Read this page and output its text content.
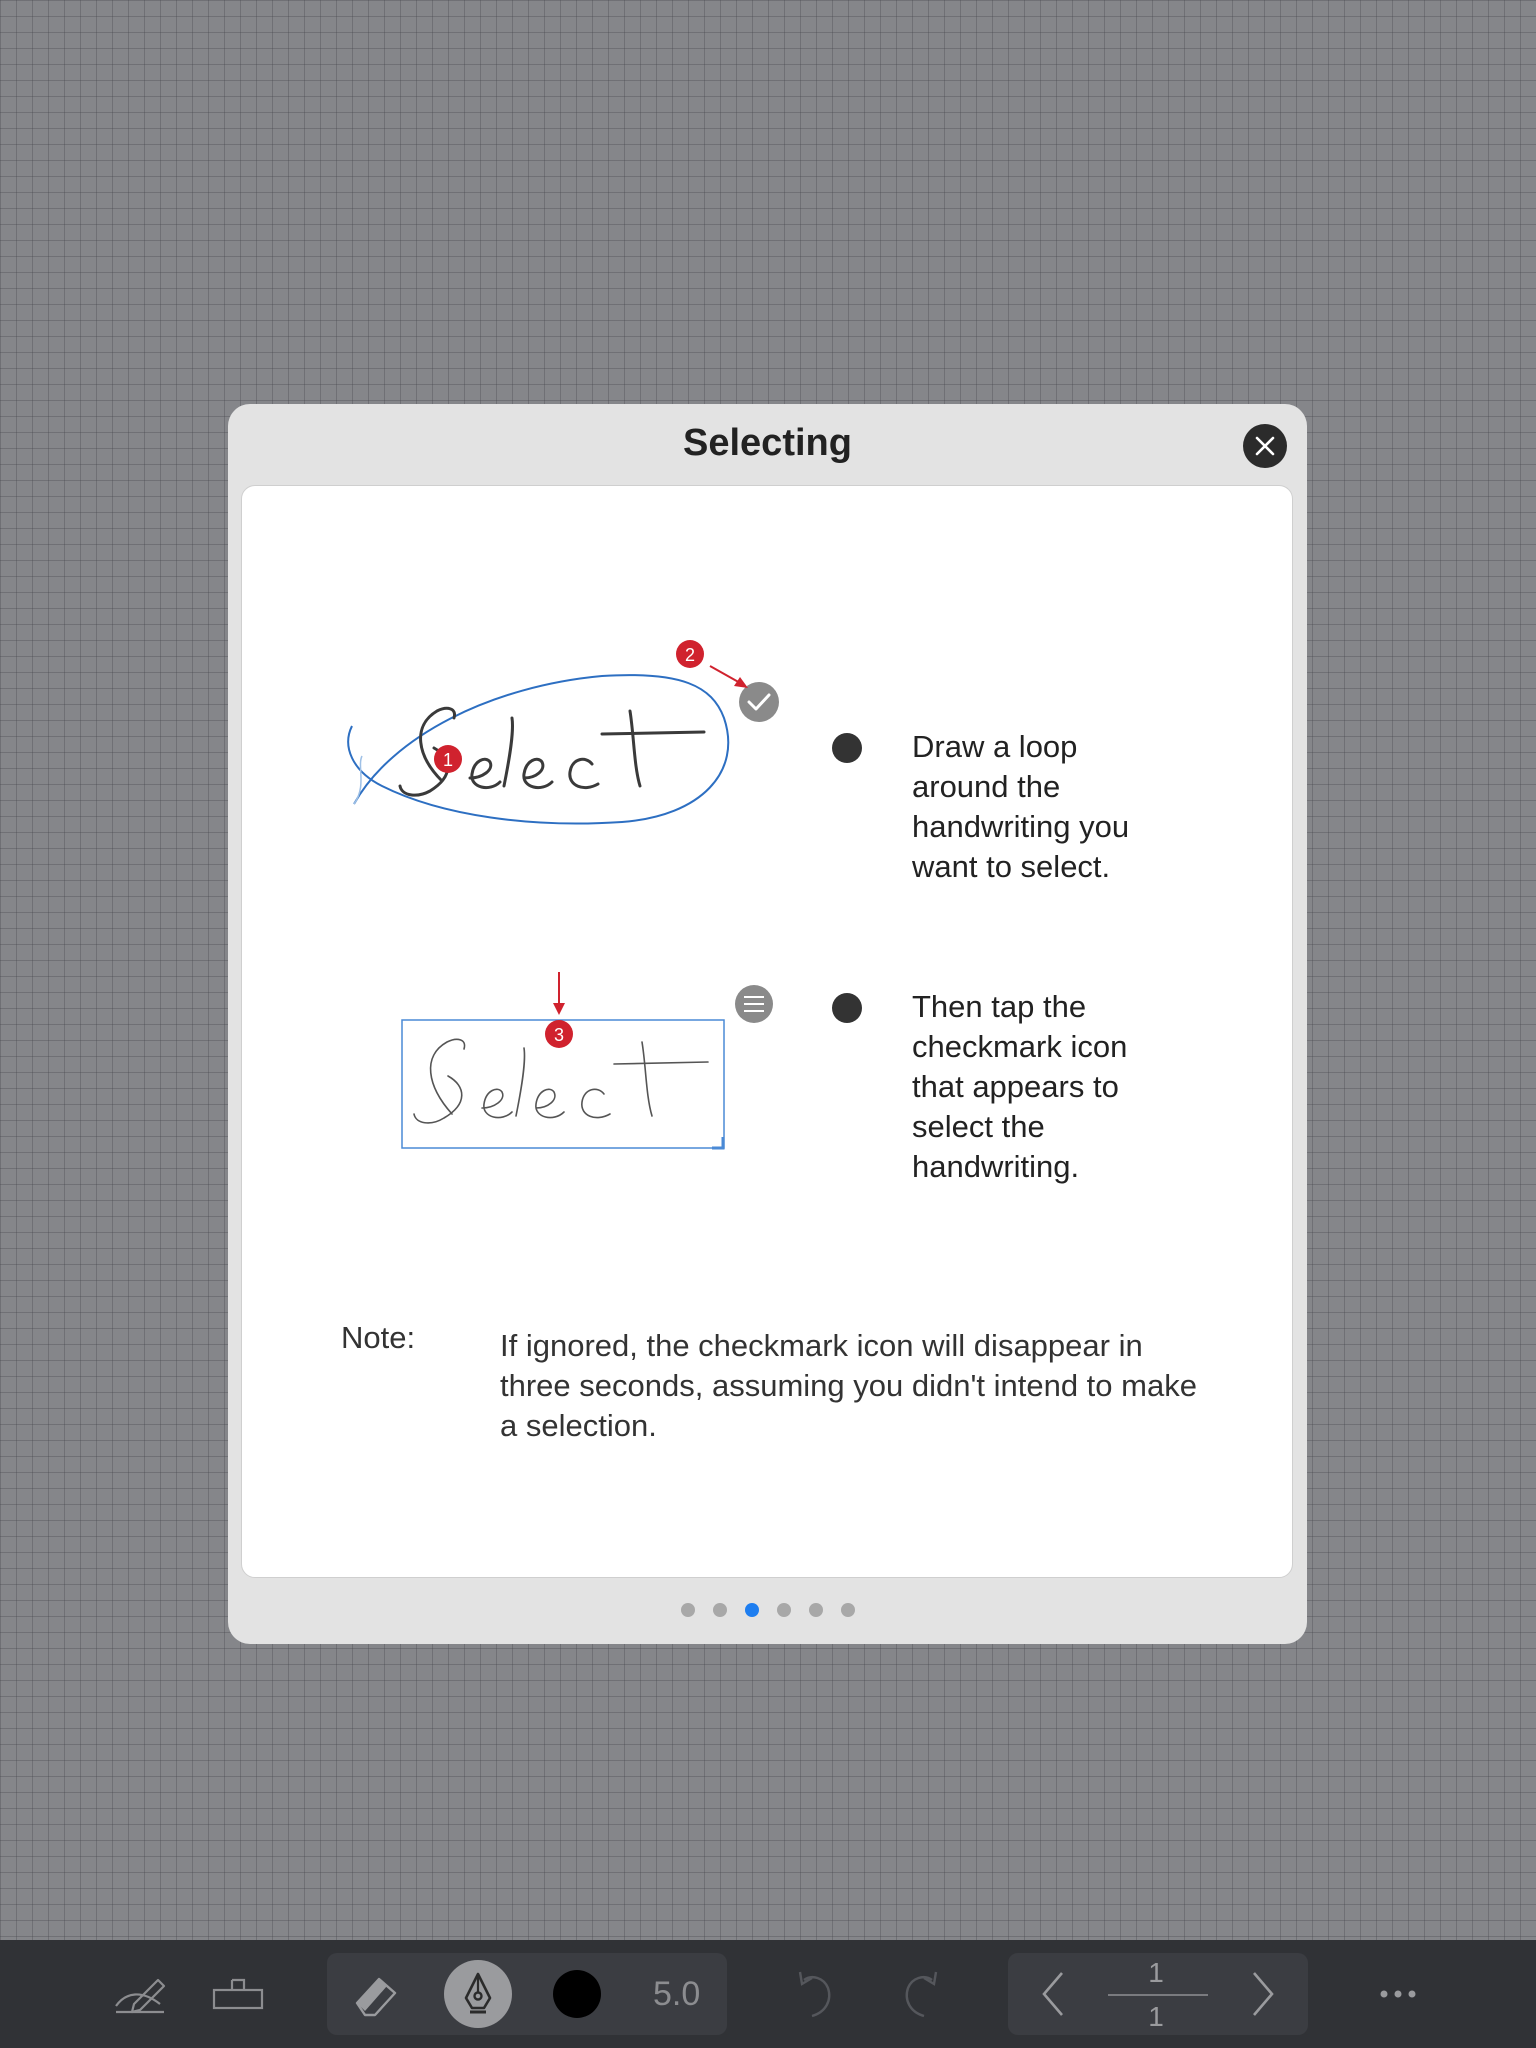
Selecting
1
2
3
Draw a loop around the handwriting you want to select.
Then tap the checkmark icon that appears to select the handwriting.
Note:	If ignored, the checkmark icon will disappear in three seconds, assuming you didn't intend to make a selection.
5.0
1
1
